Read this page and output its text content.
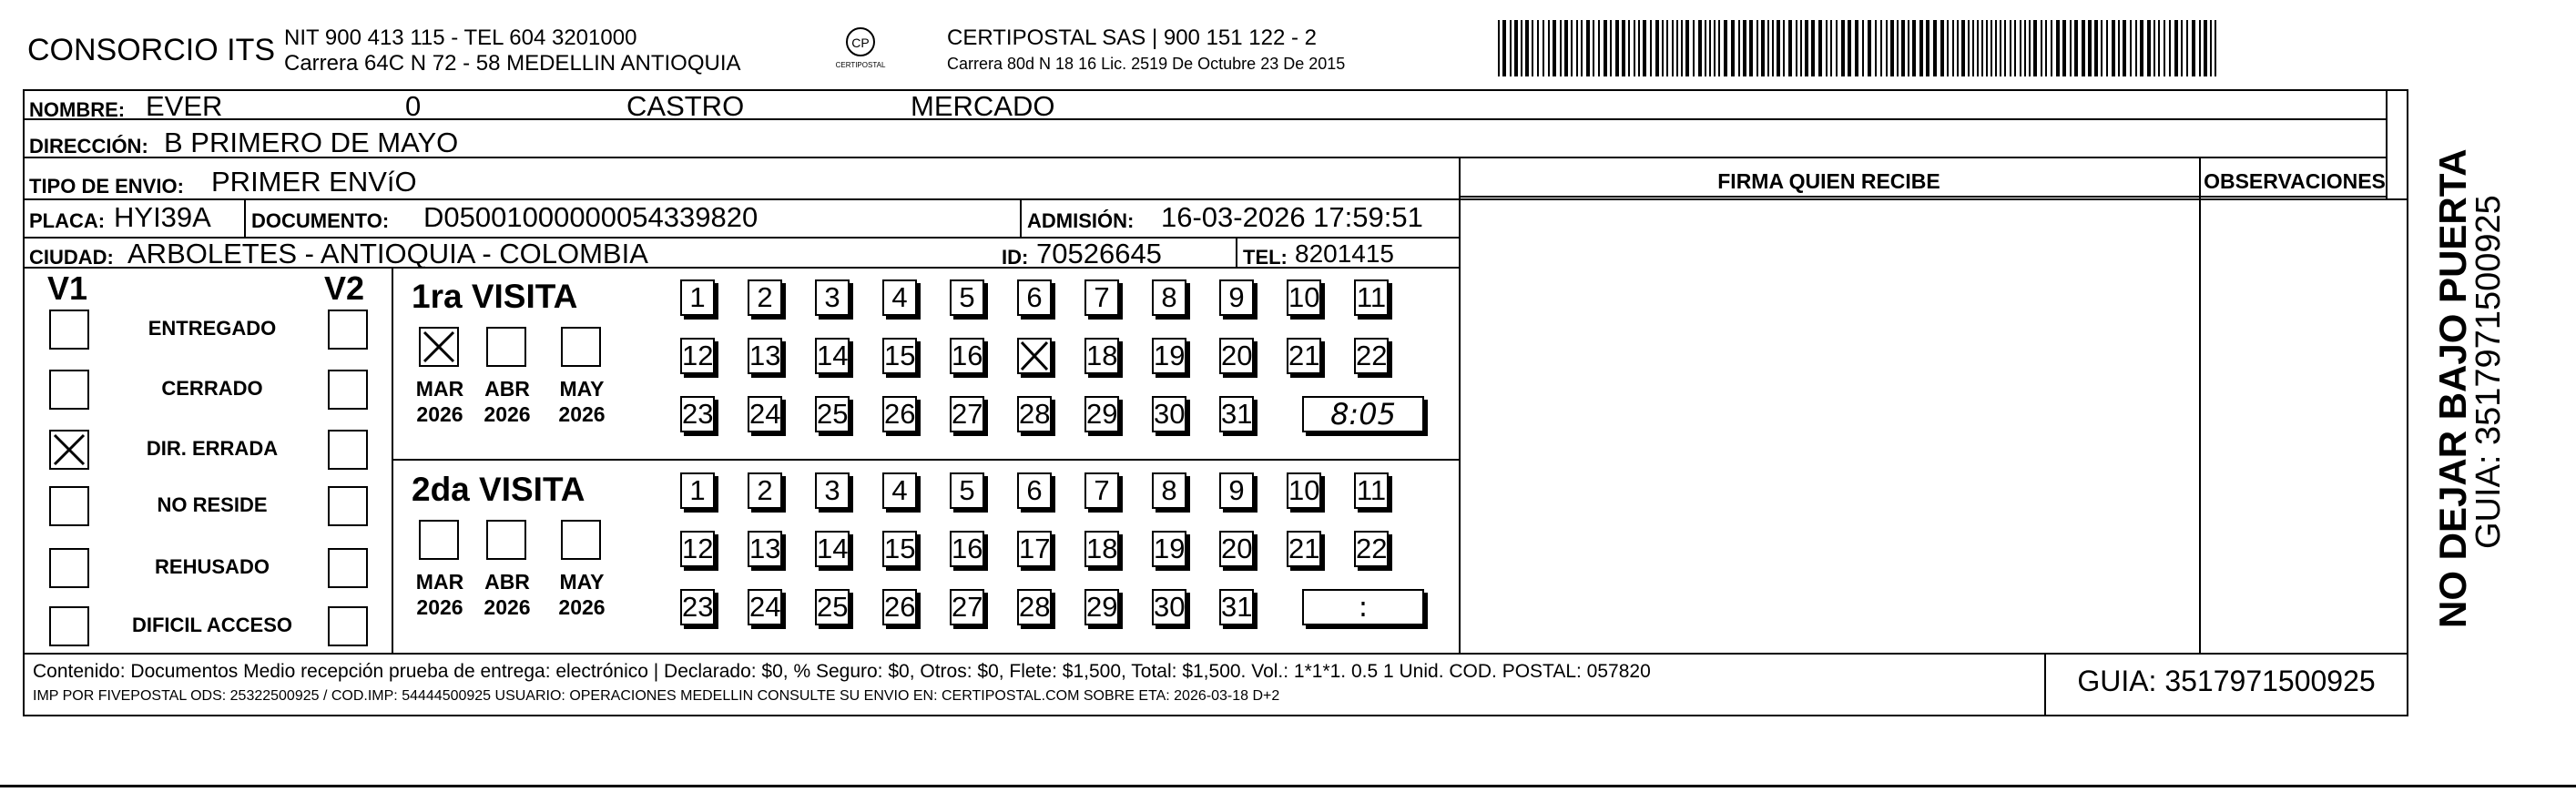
CONSORCIO ITS NIT 900 413 115 - TEL 604 3201000
Carrera 64C N 72 - 58 MEDELLIN ANTIOQUIA
CP
CERTIPOSTAL
CERTIPOSTAL SAS | 900 151 122 - 2
Carrera 80d N 18 16 Lic. 2519 De Octubre 23 De 2015
NOMBRE: EVER	0	CASTRO	MERCADO
DIRECCIÓN: B PRIMERO DE MAYO
TIPO DE ENVIO: PRIMER ENVíO	FIRMA QUIEN RECIBE	OBSERVACIONES
PLACA: HYI39A DOCUMENTO: D05001000000054339820	ADMISIÓN: 16-03-2026 17:59:51
CIUDAD: ARBOLETES - ANTIOQUIA - COLOMBIA	ID: 70526645	TEL: 8201415
V1	V2
ENTREGADO
CERRADO
DIR. ERRADA
NO RESIDE
REHUSADO
DIFICIL ACCESO
1ra VISITA
2da VISITA
MAR
2026
ABR
2026
MAY
2026
1	2	3	4	5	6	7	8	9	10 11
12 13 14 15 16	18 19 20 21 22
23 24 25 26 27 28 29 30 31	8:05
MAR
2026
ABR
2026
MAY
2026
1	2	3	4	5	6	7	8	9	10 11
12 13 14 15 16 17 18 19 20 21 22
23 24 25 26 27 28 29 30 31	:
Contenido: Documentos Medio recepción prueba de entrega: electrónico | Declarado: $0, % Seguro: $0, Otros: $0, Flete: $1,500, Total: $1,500. Vol.: 1*1*1. 0.5 1 Unid. COD. POSTAL: 057820
IMP POR FIVEPOSTAL ODS: 25322500925 / COD.IMP: 54444500925 USUARIO: OPERACIONES MEDELLIN CONSULTE SU ENVIO EN: CERTIPOSTAL.COM SOBRE ETA: 2026-03-18 D+2	GUIA: 3517971500925
NO DEJAR BAJO PUERTA
GUIA: 3517971500925
